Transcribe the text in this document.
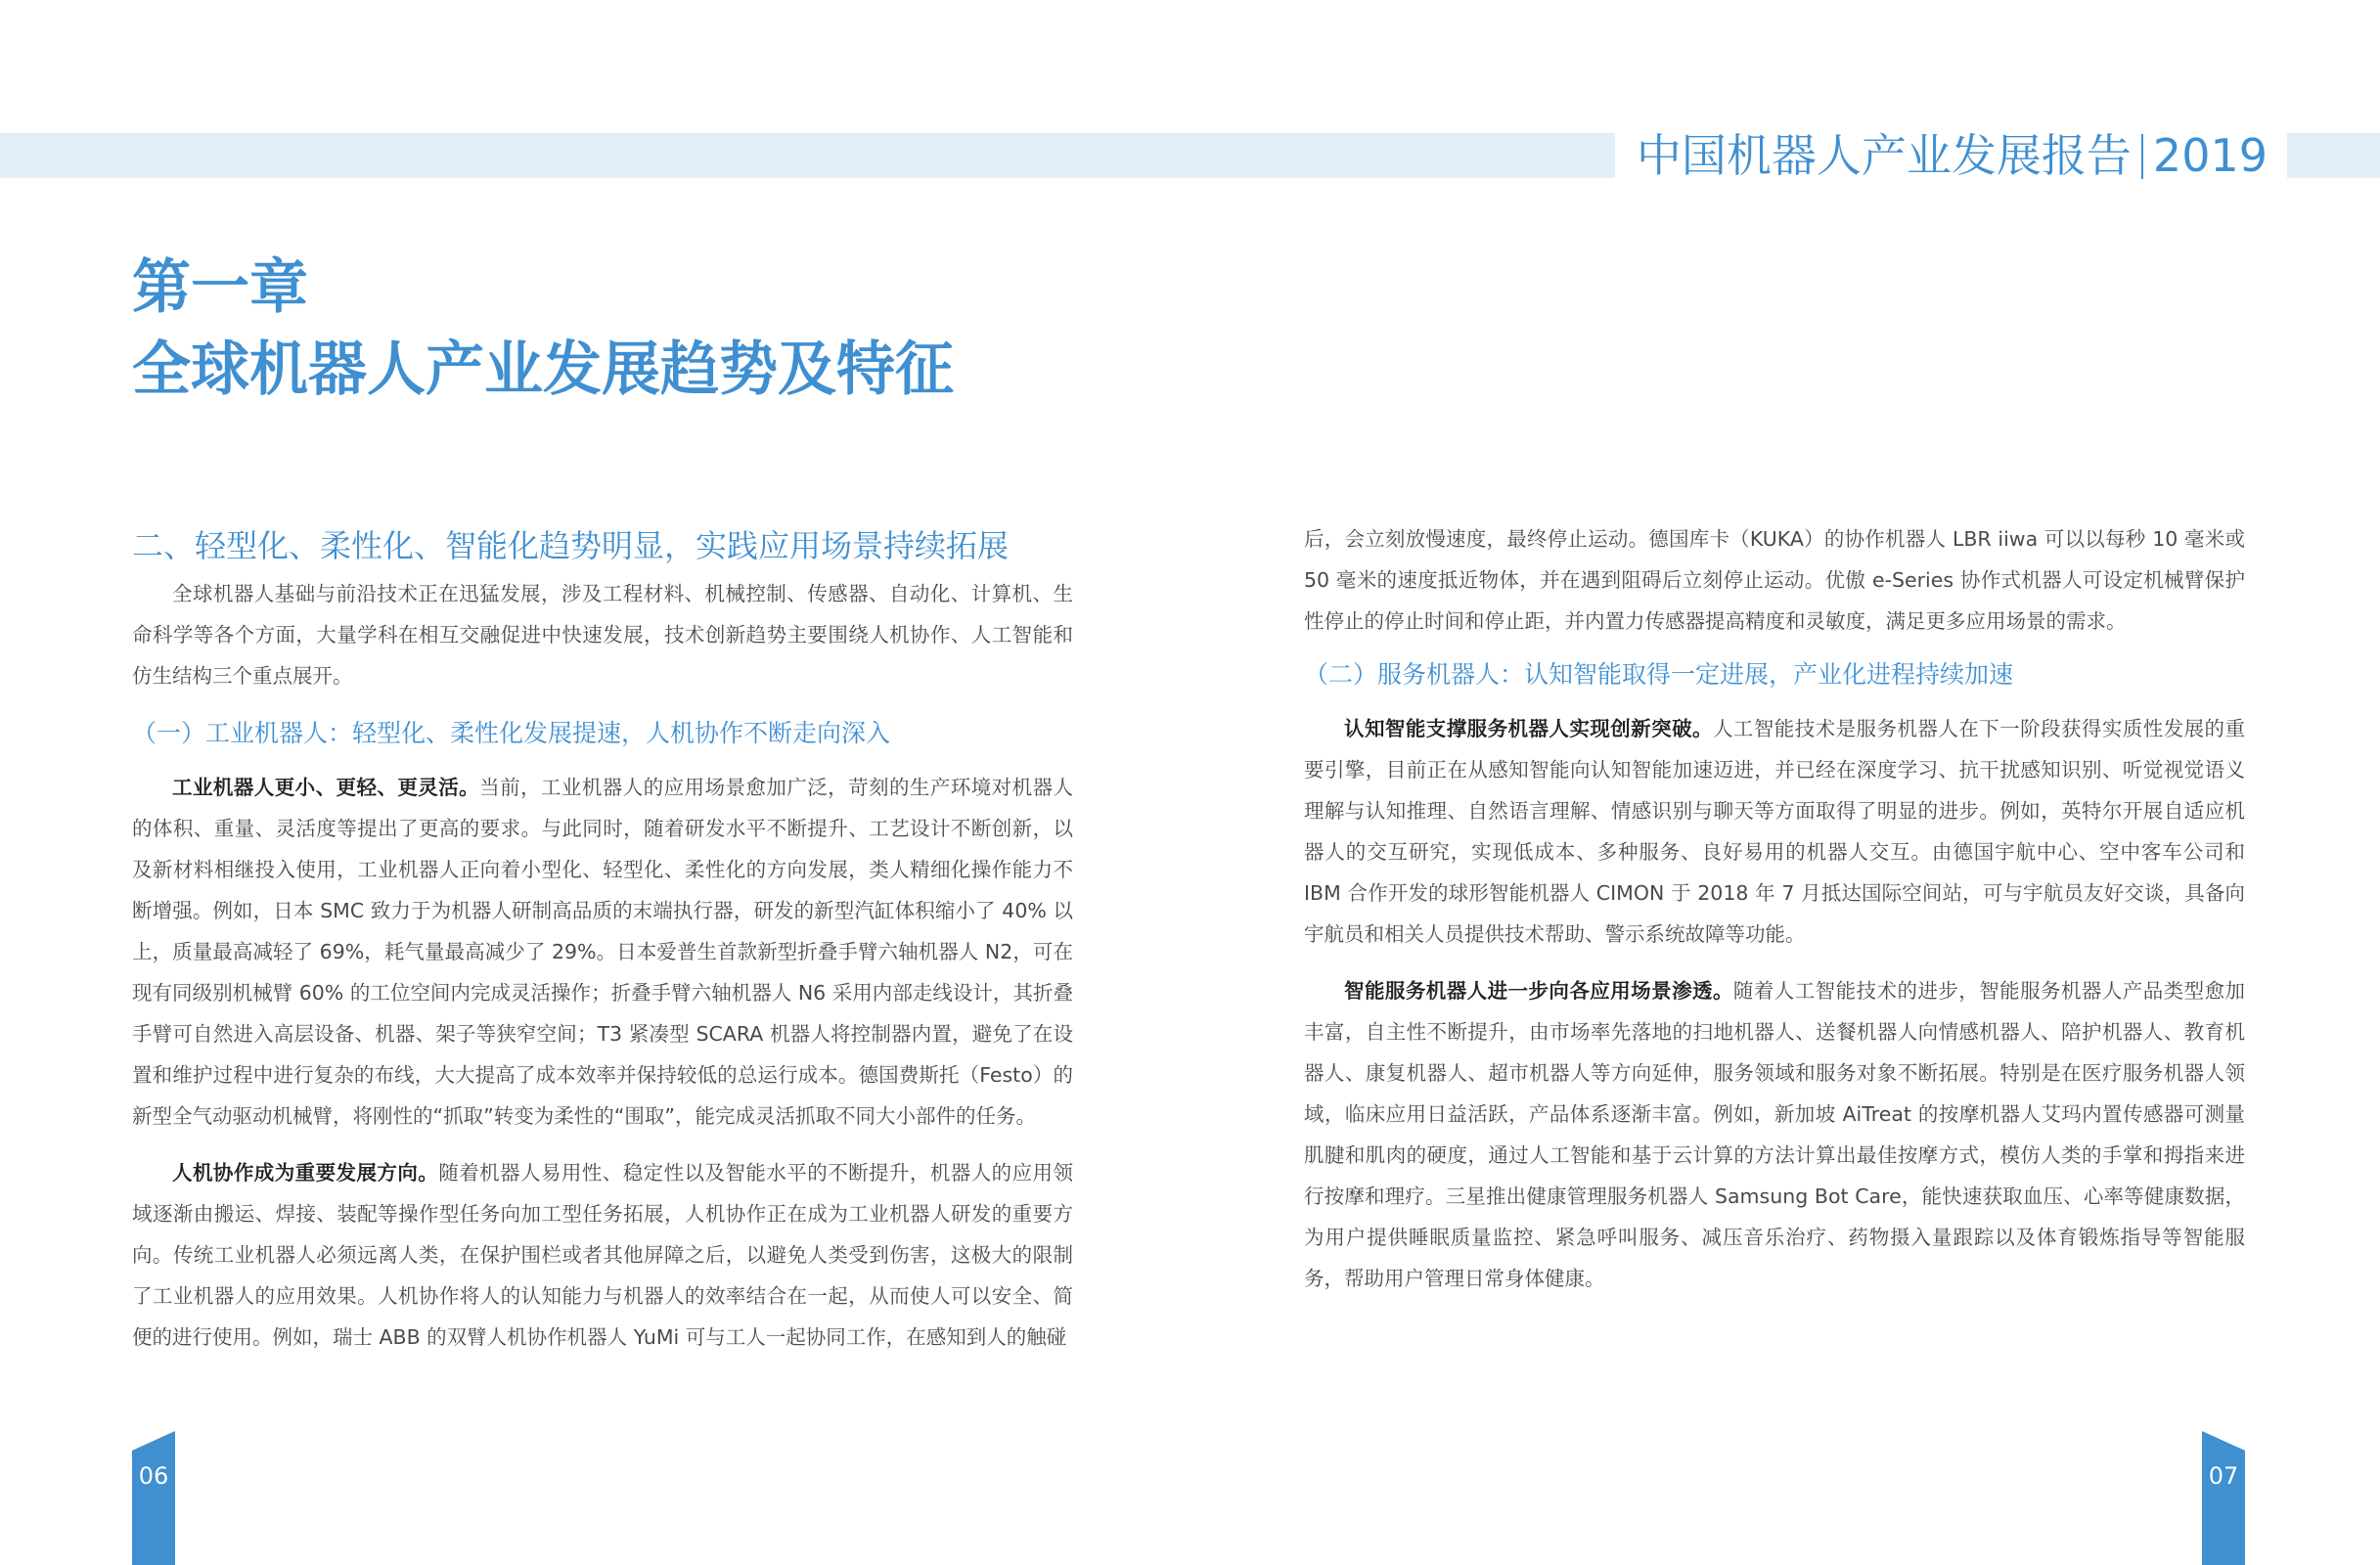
中国机器人产业发展报告 2019
第一章
全球机器人产业发展趋势及特征

二、轻型化、柔性化、智能化趋势明显，实践应用场景持续拓展

全球机器人基础与前沿技术正在迅猛发展，涉及工程材料、机械控制、传感器、自动化、计算机、生命科学等各个方面，大量学科在相互交融促进中快速发展，技术创新趋势主要围绕人机协作、人工智能和仿生结构三个重点展开。

（一）工业机器人：轻型化、柔性化发展提速，人机协作不断走向深入

工业机器人更小、更轻、更灵活。当前，工业机器人的应用场景愈加广泛，苛刻的生产环境对机器人的体积、重量、灵活度等提出了更高的要求。与此同时，随着研发水平不断提升、工艺设计不断创新，以及新材料相继投入使用，工业机器人正向着小型化、轻型化、柔性化的方向发展，类人精细化操作能力不断增强。例如，日本 SMC 致力于为机器人研制高品质的末端执行器，研发的新型汽缸体积缩小了 40% 以上，质量最高减轻了 69%，耗气量最高减少了 29%。日本爱普生首款新型折叠手臂六轴机器人 N2，可在现有同级别机械臂 60% 的工位空间内完成灵活操作；折叠手臂六轴机器人 N6 采用内部走线设计，其折叠手臂可自然进入高层设备、机器、架子等狭窄空间；T3 紧凑型 SCARA 机器人将控制器内置，避免了在设置和维护过程中进行复杂的布线，大大提高了成本效率并保持较低的总运行成本。德国费斯托（Festo）的新型全气动驱动机械臂，将刚性的“抓取”转变为柔性的“围取”，能完成灵活抓取不同大小部件的任务。

人机协作成为重要发展方向。随着机器人易用性、稳定性以及智能水平的不断提升，机器人的应用领域逐渐由搬运、焊接、装配等操作型任务向加工型任务拓展，人机协作正在成为工业机器人研发的重要方向。传统工业机器人必须远离人类，在保护围栏或者其他屏障之后，以避免人类受到伤害，这极大的限制了工业机器人的应用效果。人机协作将人的认知能力与机器人的效率结合在一起，从而使人可以安全、简便的进行使用。例如，瑞士 ABB 的双臂人机协作机器人 YuMi 可与工人一起协同工作，在感知到人的触碰

后，会立刻放慢速度，最终停止运动。德国库卡（KUKA）的协作机器人 LBR iiwa 可以以每秒 10 毫米或 50 毫米的速度抵近物体，并在遇到阻碍后立刻停止运动。优傲 e-Series 协作式机器人可设定机械臂保护性停止的停止时间和停止距，并内置力传感器提高精度和灵敏度，满足更多应用场景的需求。

（二）服务机器人：认知智能取得一定进展，产业化进程持续加速

认知智能支撑服务机器人实现创新突破。人工智能技术是服务机器人在下一阶段获得实质性发展的重要引擎，目前正在从感知智能向认知智能加速迈进，并已经在深度学习、抗干扰感知识别、听觉视觉语义理解与认知推理、自然语言理解、情感识别与聊天等方面取得了明显的进步。例如，英特尔开展自适应机器人的交互研究，实现低成本、多种服务、良好易用的机器人交互。由德国宇航中心、空中客车公司和 IBM 合作开发的球形智能机器人 CIMON 于 2018 年 7 月抵达国际空间站，可与宇航员友好交谈，具备向宇航员和相关人员提供技术帮助、警示系统故障等功能。

智能服务机器人进一步向各应用场景渗透。随着人工智能技术的进步，智能服务机器人产品类型愈加丰富，自主性不断提升，由市场率先落地的扫地机器人、送餐机器人向情感机器人、陪护机器人、教育机器人、康复机器人、超市机器人等方向延伸，服务领域和服务对象不断拓展。特别是在医疗服务机器人领域，临床应用日益活跃，产品体系逐渐丰富。例如，新加坡 AiTreat 的按摩机器人艾玛内置传感器可测量肌腱和肌肉的硬度，通过人工智能和基于云计算的方法计算出最佳按摩方式，模仿人类的手掌和拇指来进行按摩和理疗。三星推出健康管理服务机器人 Samsung Bot Care，能快速获取血压、心率等健康数据，为用户提供睡眠质量监控、紧急呼叫服务、减压音乐治疗、药物摄入量跟踪以及体育锻炼指导等智能服务，帮助用户管理日常身体健康。

06	07
